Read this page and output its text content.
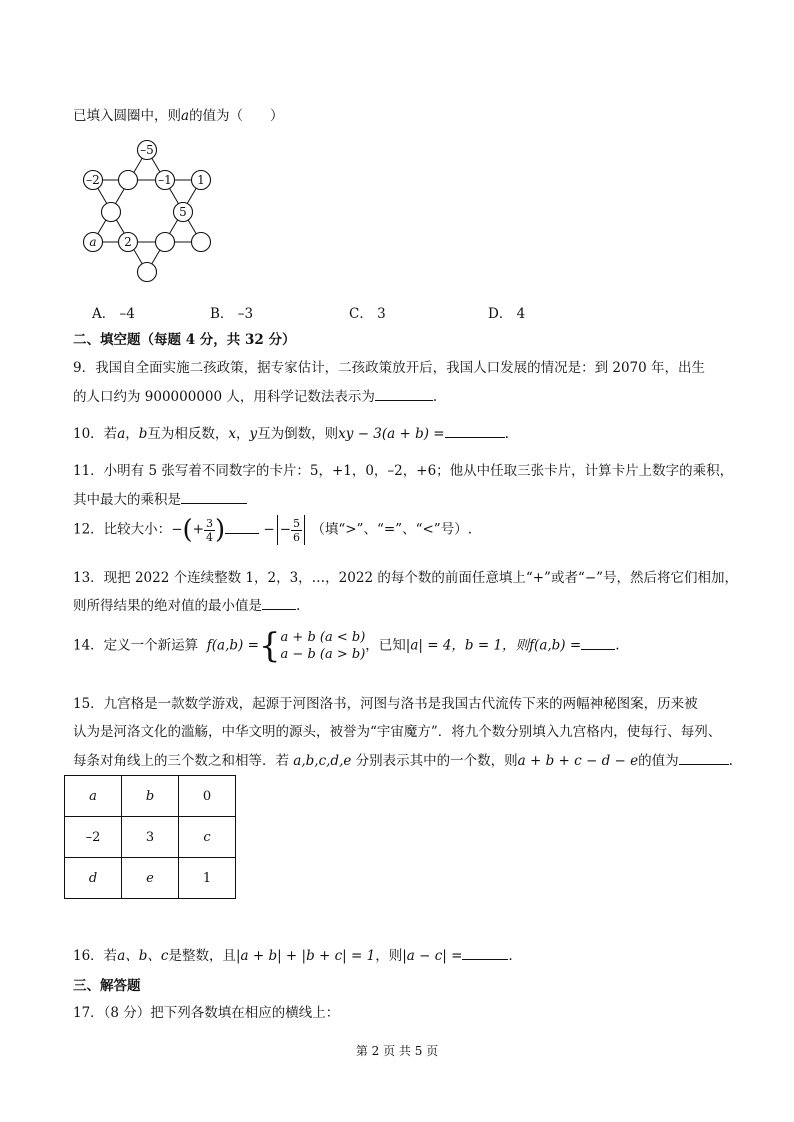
已填入圆圈中，则a的值为（　　）
–5
–2	–1 1
5
a 2
A． –4	B． –3	C． 3	D． 4
二、填空题（每题 4 分，共 32 分）
9．我国自全面实施二孩政策，据专家估计，二孩政策放开后，我国人口发展的情况是：到 2070 年，出生
的人口约为 900000000 人，用科学记数法表示为	.
10．若a，b互为相反数，x，y互为倒数，则xy − 3(a + b) =	.
11．小明有 5 张写着不同数字的卡片：5，+1，0，–2，+6；他从中任取三张卡片，计算卡片上数字的乘积，
其中最大的乘积是
12．比较大小：−(+ $\frac{3}{4}$ )	− − $\frac{5}{6}$ （填“>”、“=”、“<”号）.
13．现把 2022 个连续整数 1，2，3，…，2022 的每个数的前面任意填上“+”或者“−”号，然后将它们相加，
则所得结果的绝对值的最小值是	.
14．定义一个新运算 f(a,b) ={ a + b (a < b)
a − b (a > b)
，已知|a| = 4，b = 1，则f(a,b) =	.
15．九宫格是一款数学游戏，起源于河图洛书，河图与洛书是我国古代流传下来的两幅神秘图案，历来被
认为是河洛文化的滥觞，中华文明的源头，被誉为“宇宙魔方”．将九个数分别填入九宫格内，使每行、每列、
每条对角线上的三个数之和相等．若 a,b,c,d,e 分别表示其中的一个数，则a + b + c − d − e的值为	.
a	b	0
–2	3	c
d	e	1
16．若a、b、c是整数，且|a + b| + |b + c| = 1，则|a − c| =	.
三、解答题
17．（8 分）把下列各数填在相应的横线上：
第 2 页 共 5 页
